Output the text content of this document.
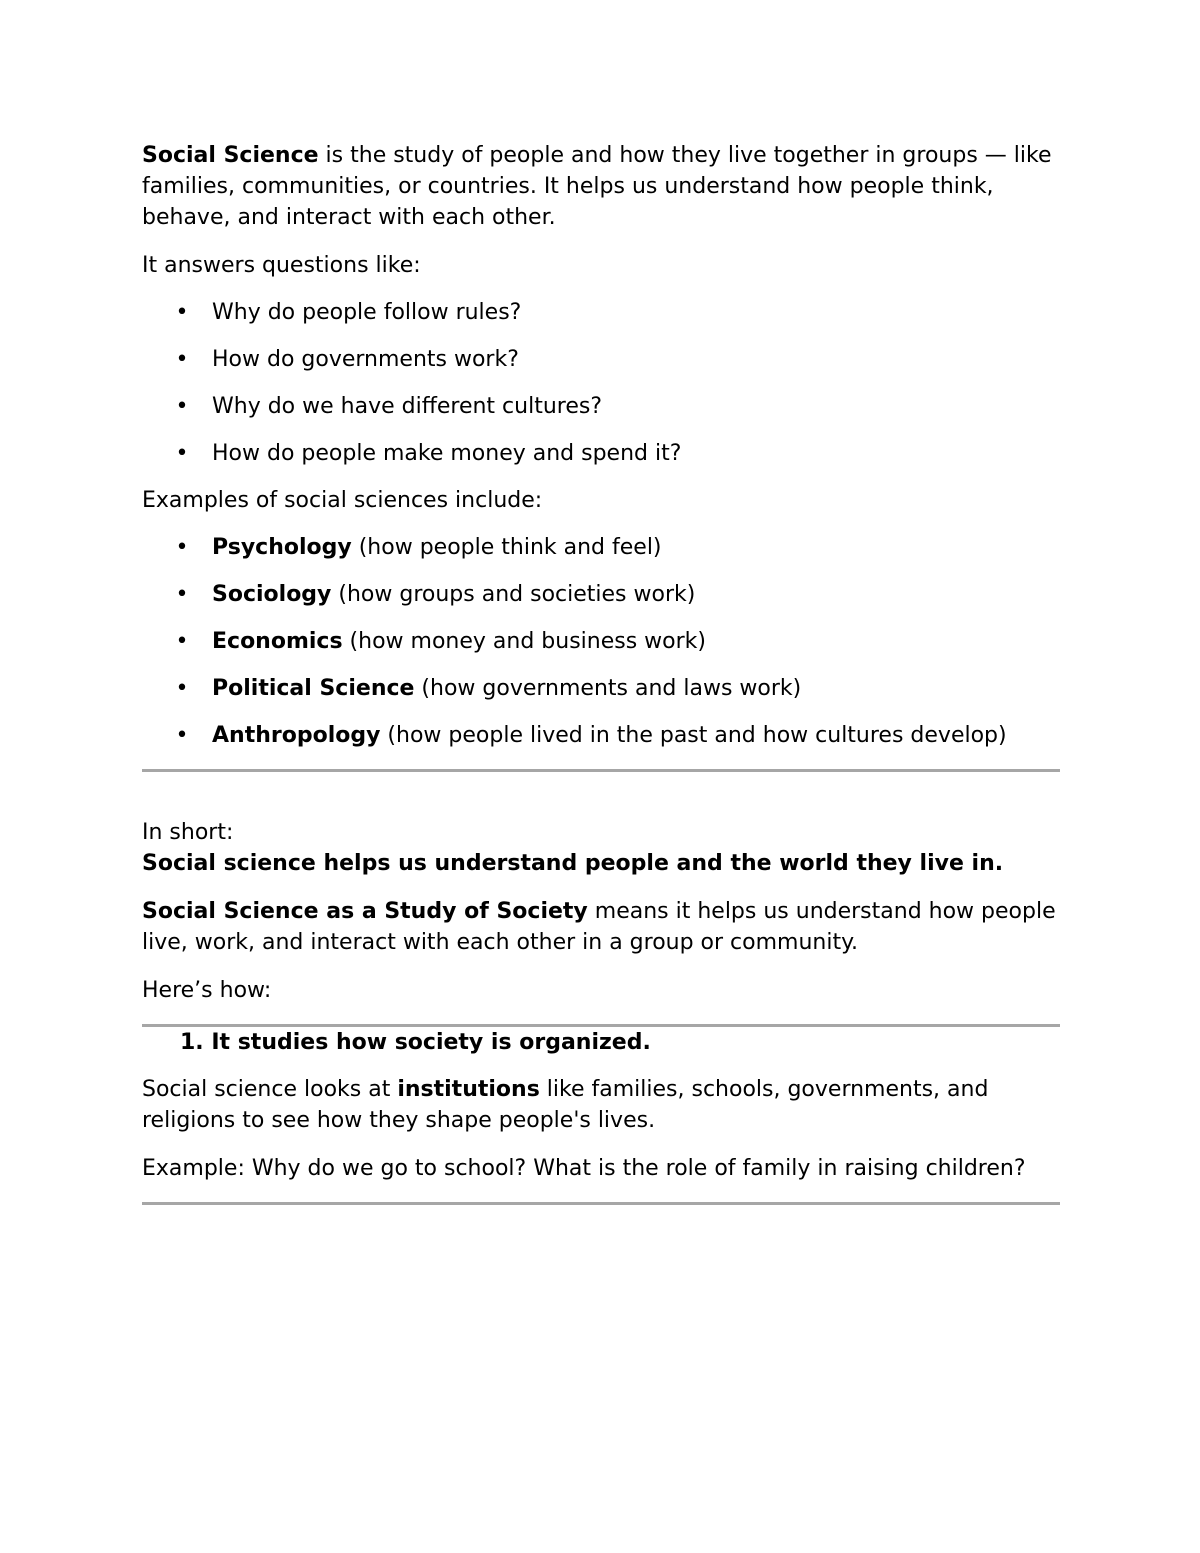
Social Science is the study of people and how they live together in groups — like families, communities, or countries. It helps us understand how people think, behave, and interact with each other.

It answers questions like:

• Why do people follow rules?
• How do governments work?
• Why do we have different cultures?
• How do people make money and spend it?

Examples of social sciences include:

• Psychology (how people think and feel)
• Sociology (how groups and societies work)
• Economics (how money and business work)
• Political Science (how governments and laws work)
• Anthropology (how people lived in the past and how cultures develop)

In short:

Social science helps us understand people and the world they live in.

Social Science as a Study of Society means it helps us understand how people live, work, and interact with each other in a group or community.

Here’s how:

1. It studies how society is organized.

Social science looks at institutions like families, schools, governments, and religions to see how they shape people's lives.

Example: Why do we go to school? What is the role of family in raising children?
